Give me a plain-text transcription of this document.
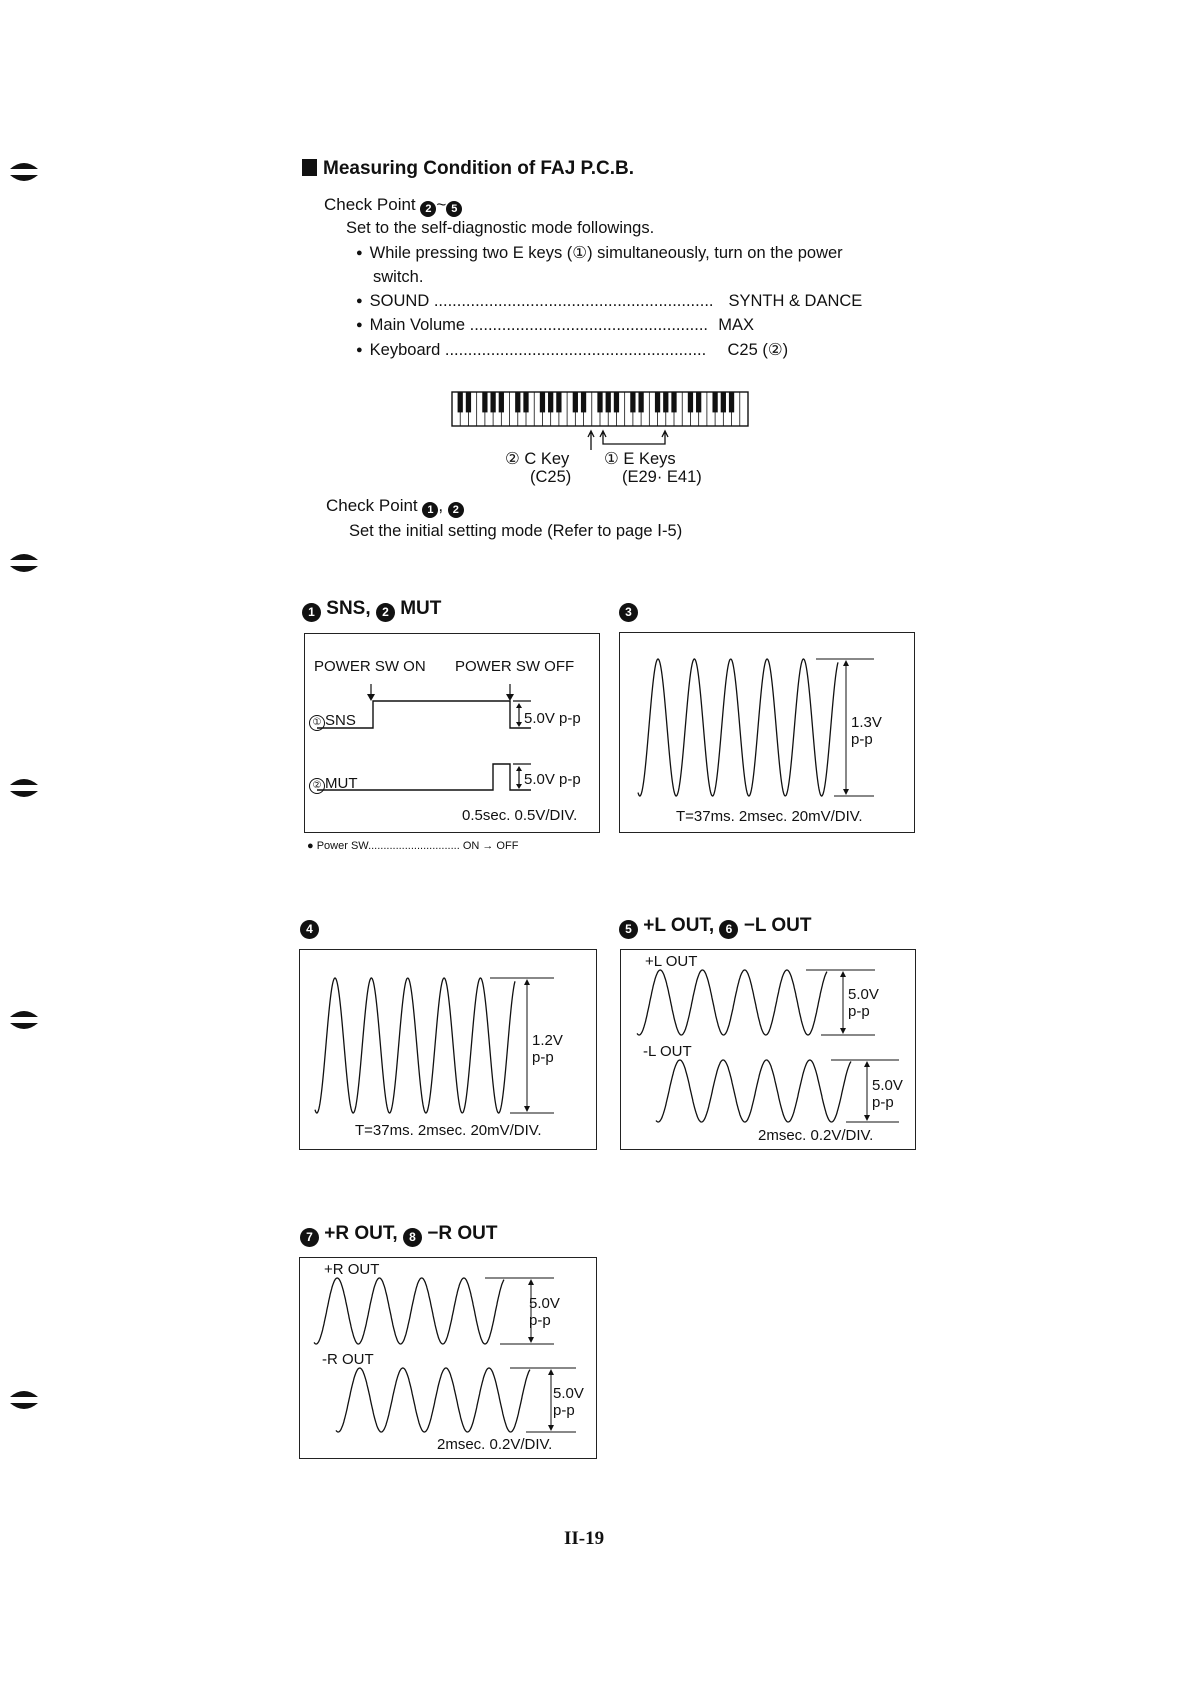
Measuring Condition of FAJ P.C.B.
Check Point 2 ~ 5
Set to the self-diagnostic mode followings.
● While pressing two E keys (①) simultaneously, turn on the power
switch.
● SOUND ............................................................. SYNTH & DANCE
● Main Volume .................................................... MAX
● Keyboard ......................................................... C25 (②)
② C Key
(C25)
① E Keys
(E29· E41)
Check Point 1 , 2
Set the initial setting mode (Refer to page Ⅰ-5)
1 SNS, 2 MUT
POWER SW ON POWER SW OFF
① SNS	5.0V p-p
② MUT	5.0V p-p
0.5sec. 0.5V/DIV.
● Power SW.............................. ON → OFF
3
1.3V
p-p
T=37ms. 2msec. 20mV/DIV.
4
1.2V
p-p
T=37ms. 2msec. 20mV/DIV.
5 +L OUT, 6 −L OUT
+L OUT
-L OUT
5.0V
p-p
5.0V
p-p
2msec. 0.2V/DIV.
7 +R OUT, 8 −R OUT
+R OUT
-R OUT
5.0V
p-p
5.0V
p-p
2msec. 0.2V/DIV.
II-19
